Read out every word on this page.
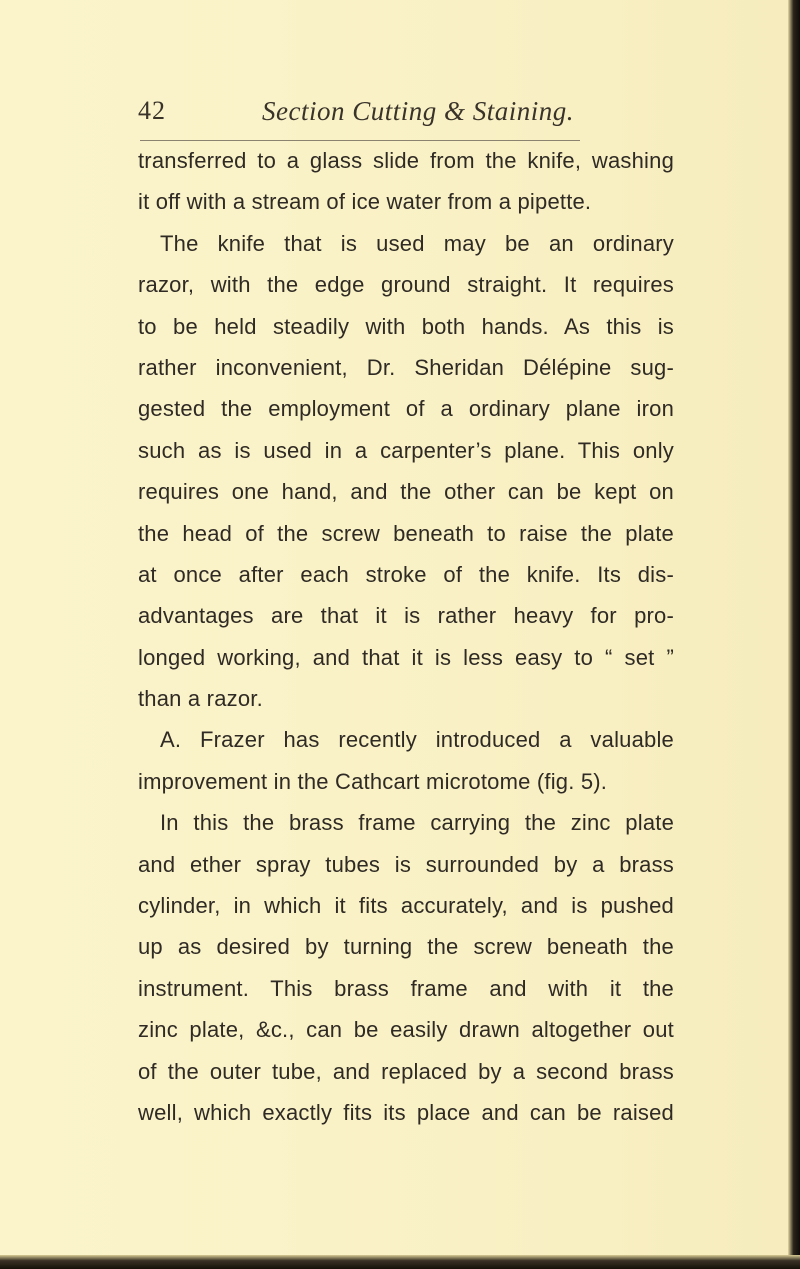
42	Section Cutting & Staining.
transferred to a glass slide from the knife, washing
it off with a stream of ice water from a pipette.
The knife that is used may be an ordinary
razor, with the edge ground straight. It requires
to be held steadily with both hands. As this is
rather inconvenient, Dr. Sheridan Délépine sug-
gested the employment of a ordinary plane iron
such as is used in a carpenter’s plane. This only
requires one hand, and the other can be kept on
the head of the screw beneath to raise the plate
at once after each stroke of the knife. Its dis-
advantages are that it is rather heavy for pro-
longed working, and that it is less easy to “ set ”
than a razor.
A. Frazer has recently introduced a valuable
improvement in the Cathcart microtome (fig. 5).
In this the brass frame carrying the zinc plate
and ether spray tubes is surrounded by a brass
cylinder, in which it fits accurately, and is pushed
up as desired by turning the screw beneath the
instrument. This brass frame and with it the
zinc plate, &c., can be easily drawn altogether out
of the outer tube, and replaced by a second brass
well, which exactly fits its place and can be raised
